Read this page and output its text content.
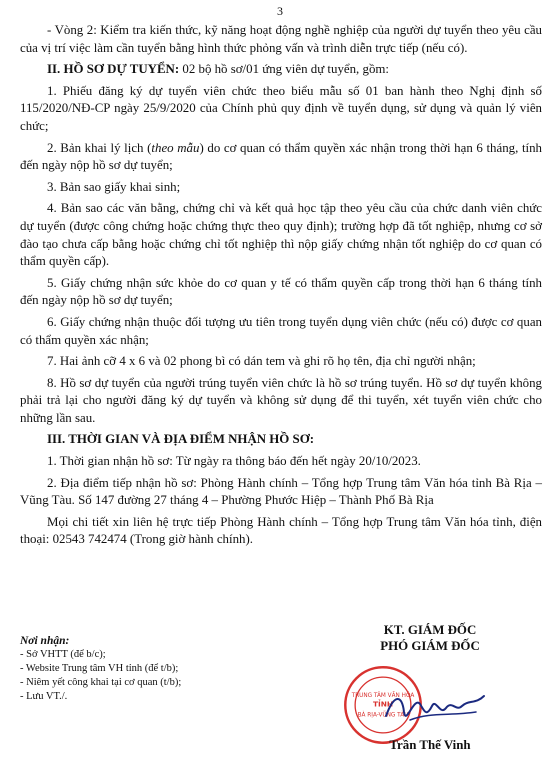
3

- Vòng 2: Kiểm tra kiến thức, kỹ năng hoạt động nghề nghiệp của người dự tuyển theo yêu cầu của vị trí việc làm cần tuyển bằng hình thức phỏng vấn và trình diễn trực tiếp (nếu có).

II. HỒ SƠ DỰ TUYỂN: 02 bộ hồ sơ/01 ứng viên dự tuyển, gồm:

1. Phiếu đăng ký dự tuyển viên chức theo biểu mẫu số 01 ban hành theo Nghị định số 115/2020/NĐ-CP ngày 25/9/2020 của Chính phủ quy định về tuyển dụng, sử dụng và quản lý viên chức;

2. Bản khai lý lịch (theo mẫu) do cơ quan có thẩm quyền xác nhận trong thời hạn 6 tháng, tính đến ngày nộp hồ sơ dự tuyển;

3. Bản sao giấy khai sinh;

4. Bản sao các văn bằng, chứng chỉ và kết quả học tập theo yêu cầu của chức danh viên chức dự tuyển (được công chứng hoặc chứng thực theo quy định); trường hợp đã tốt nghiệp, nhưng cơ sở đào tạo chưa cấp bằng hoặc chứng chỉ tốt nghiệp thì nộp giấy chứng nhận tốt nghiệp do cơ quan có thẩm quyền cấp).

5. Giấy chứng nhận sức khỏe do cơ quan y tế có thẩm quyền cấp trong thời hạn 6 tháng tính đến ngày nộp hồ sơ dự tuyển;

6. Giấy chứng nhận thuộc đối tượng ưu tiên trong tuyển dụng viên chức (nếu có) được cơ quan có thẩm quyền xác nhận;

7. Hai ảnh cỡ 4 x 6 và 02 phong bì có dán tem và ghi rõ họ tên, địa chỉ người nhận;

8. Hồ sơ dự tuyển của người trúng tuyển viên chức là hồ sơ trúng tuyển. Hồ sơ dự tuyển không phải trả lại cho người đăng ký dự tuyển và không sử dụng để thi tuyển, xét tuyển viên chức cho những lần sau.

III. THỜI GIAN VÀ ĐỊA ĐIỂM NHẬN HỒ SƠ:

1. Thời gian nhận hồ sơ: Từ ngày ra thông báo đến hết ngày 20/10/2023.

2. Địa điểm tiếp nhận hồ sơ: Phòng Hành chính – Tổng hợp Trung tâm Văn hóa tỉnh Bà Rịa – Vũng Tàu. Số 147 đường 27 tháng 4 – Phường Phước Hiệp – Thành Phố Bà Rịa

Mọi chi tiết xin liên hệ trực tiếp Phòng Hành chính – Tổng hợp Trung tâm Văn hóa tỉnh, điện thoại: 02543 742474 (Trong giờ hành chính).

Nơi nhận:
- Sở VHTT (để b/c);
- Website Trung tâm VH tỉnh (để t/b);
- Niêm yết công khai tại cơ quan (t/b);
- Lưu VT./.
KT. GIÁM ĐỐC
PHÓ GIÁM ĐỐC
TRUNG TÂM VĂN HÓA
TỈNH
BÀ RỊA-VŨNG TÀU
Trần Thế Vinh
